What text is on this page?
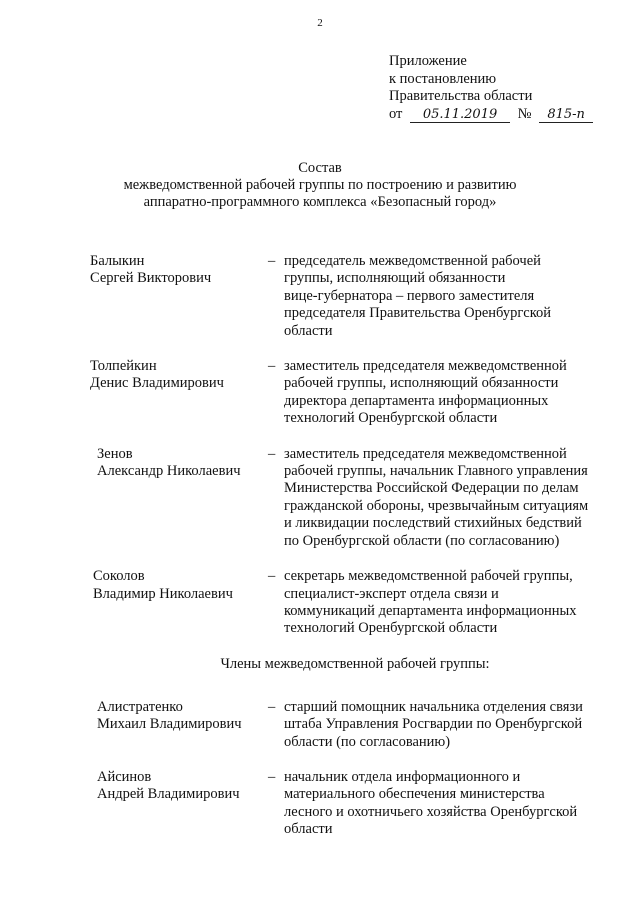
2
Приложение
к постановлению
Правительства области
от 05.11.2019 № 815-п
Состав
межведомственной рабочей группы по построению и развитию
аппаратно-программного комплекса «Безопасный город»
Балыкин
Сергей Викторович
– председатель межведомственной рабочей
группы, исполняющий обязанности
вице-губернатора – первого заместителя
председателя Правительства Оренбургской
области
Толпейкин
Денис Владимирович
– заместитель председателя межведомственной
рабочей группы, исполняющий обязанности
директора департамента информационных
технологий Оренбургской области
Зенов
Александр Николаевич
– заместитель председателя межведомственной
рабочей группы, начальник Главного управления
Министерства Российской Федерации по делам
гражданской обороны, чрезвычайным ситуациям
и ликвидации последствий стихийных бедствий
по Оренбургской области (по согласованию)
Соколов
Владимир Николаевич
– секретарь межведомственной рабочей группы,
специалист-эксперт отдела связи и
коммуникаций департамента информационных
технологий Оренбургской области
Члены межведомственной рабочей группы:
Алистратенко
Михаил Владимирович
– старший помощник начальника отделения связи
штаба Управления Росгвардии по Оренбургской
области (по согласованию)
Айсинов
Андрей Владимирович
– начальник отдела информационного и
материального обеспечения министерства
лесного и охотничьего хозяйства Оренбургской
области
